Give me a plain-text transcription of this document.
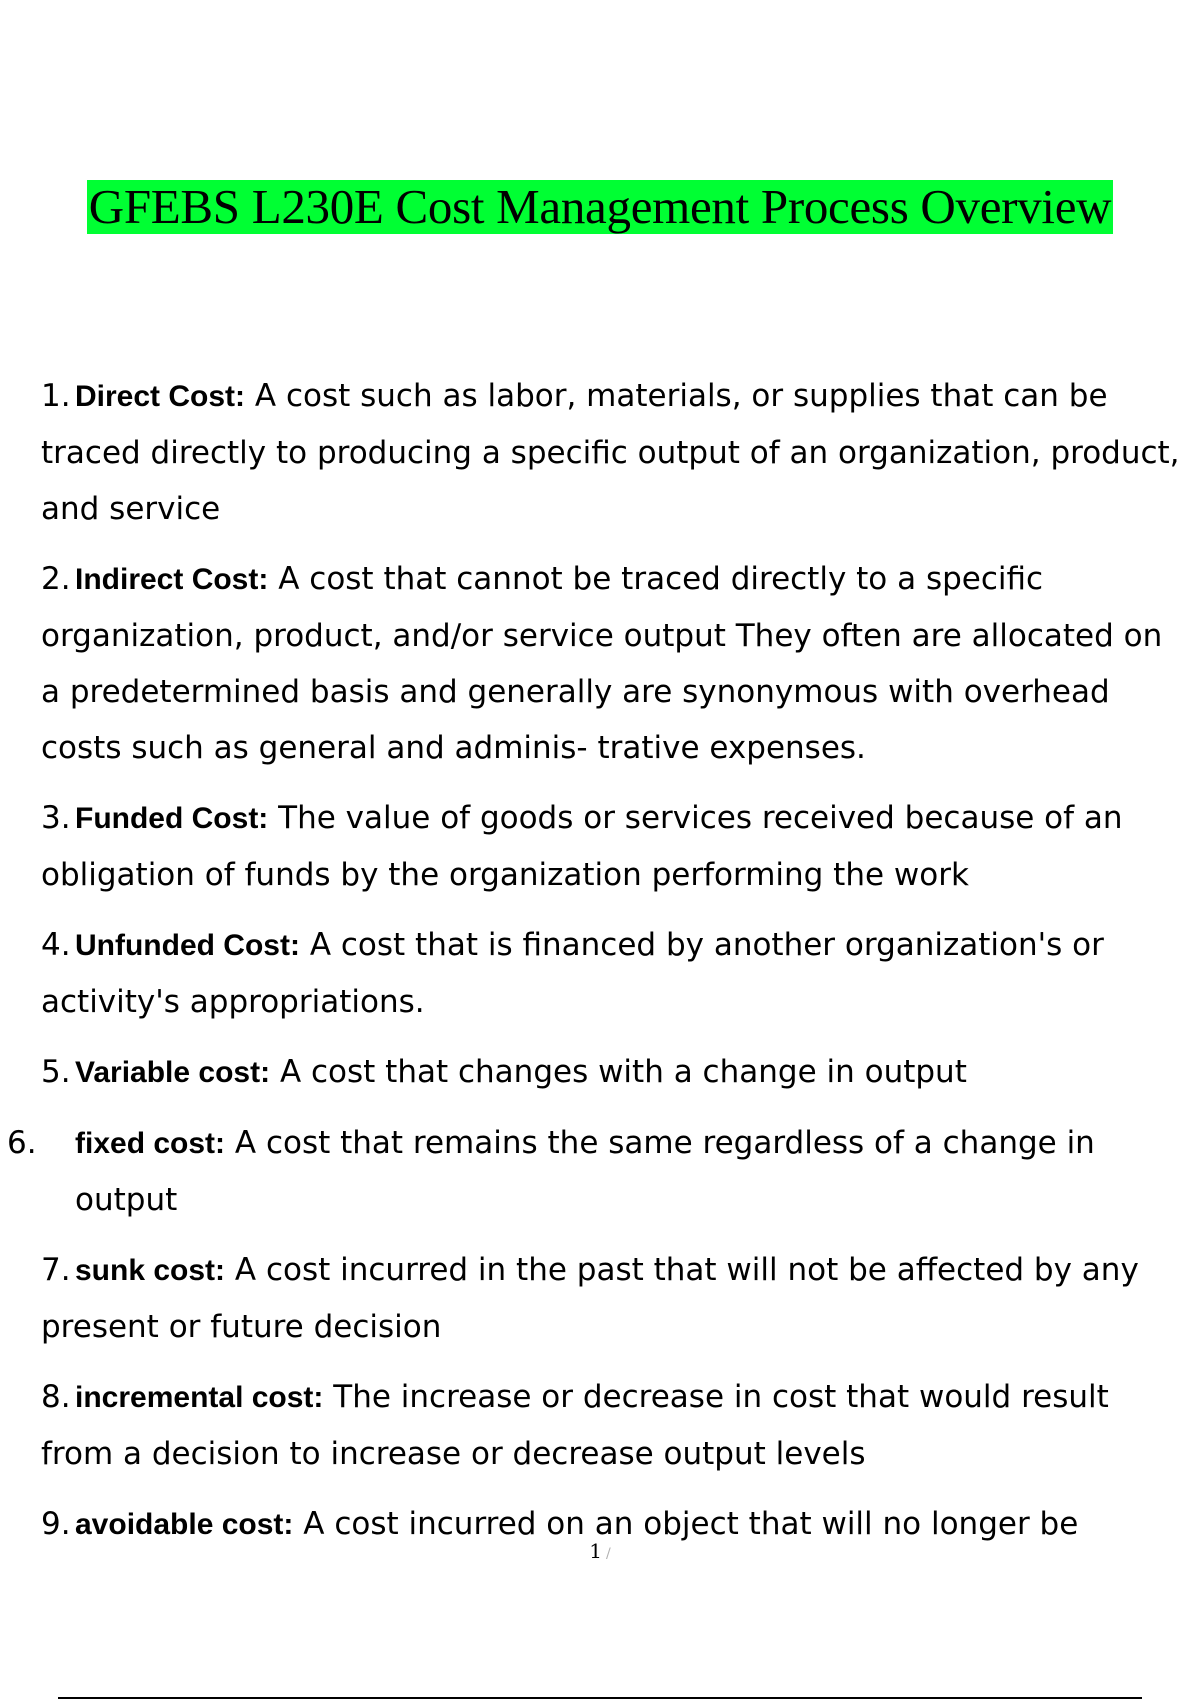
GFEBS L230E Cost Management Process Overview

1. Direct Cost: A cost such as labor, materials, or supplies that can be traced directly to producing a specific output of an organization, product, and service

2. Indirect Cost: A cost that cannot be traced directly to a specific organization, product, and/or service output They often are allocated on a predetermined basis and generally are synonymous with overhead costs such as general and adminis- trative expenses.

3. Funded Cost: The value of goods or services received because of an obligation of funds by the organization performing the work

4. Unfunded Cost: A cost that is financed by another organization's or activity's appropriations.

5. Variable cost: A cost that changes with a change in output

6. fixed cost: A cost that remains the same regardless of a change in output

7. sunk cost: A cost incurred in the past that will not be affected by any present or future decision

8. incremental cost: The increase or decrease in cost that would result from a decision to increase or decrease output levels

9. avoidable cost: A cost incurred on an object that will no longer be

1 /
